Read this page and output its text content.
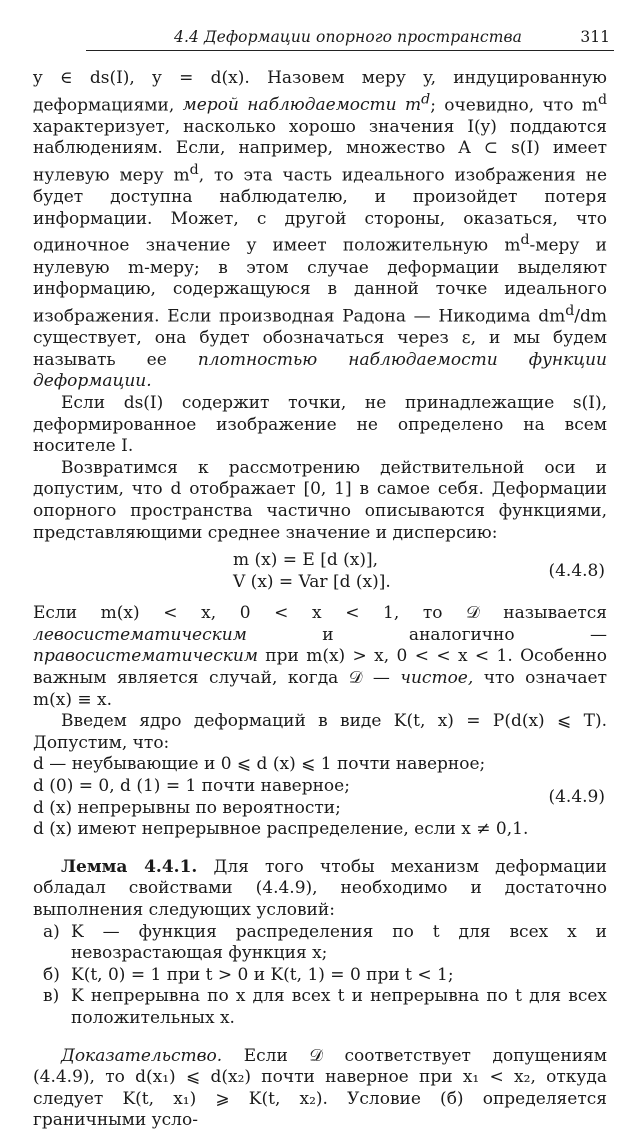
4.4 Деформации опорного пространства	311

y ∈ ds(I), y = d(x). Назовем меру y, индуцированную деформациями, мерой наблюдаемости $m^d$; очевидно, что $m^d$ характеризует, насколько хорошо значения I(y) поддаются наблюдениям. Если, например, множество A ⊂ s(I) имеет нулевую меру $m^d$, то эта часть идеального изображения не будет доступна наблюдателю, и произойдет потеря информации. Может, с другой стороны, оказаться, что одиночное значение y имеет положительную $m^d$-меру и нулевую m-меру; в этом случае деформации выделяют информацию, содержащуюся в данной точке идеального изображения. Если производная Радона — Никодима $dm^d/dm$ существует, она будет обозначаться через ε, и мы будем называть ее плотностью наблюдаемости функции деформации.

Если ds(I) содержит точки, не принадлежащие s(I), деформированное изображение не определено на всем носителе I.

Возвратимся к рассмотрению действительной оси и допустим, что d отображает [0, 1] в самое себя. Деформации опорного пространства частично описываются функциями, представляющими среднее значение и дисперсию:

m (x) = E [d (x)],
V (x) = Var [d (x)].
(4.4.8)

Если m(x) < x, 0 < x < 1, то 𝒟 называется левосистематическим и аналогично — правосистематическим при m(x) > x, 0 < < x < 1. Особенно важным является случай, когда 𝒟 — чистое, что означает m(x) ≡ x.

Введем ядро деформаций в виде K(t, x) = P(d(x) ⩽ T). Допустим, что:

d — неубывающие и 0 ⩽ d (x) ⩽ 1 почти наверное;
d (0) = 0, d (1) = 1 почти наверное;
d (x) непрерывны по вероятности;
d (x) имеют непрерывное распределение, если x ≠ 0,1.
(4.4.9)

Лемма 4.4.1. Для того чтобы механизм деформации обладал свойствами (4.4.9), необходимо и достаточно выполнения следующих условий:

а) K — функция распределения по t для всех x и невозрастающая функция x;
б) K(t, 0) = 1 при t > 0 и K(t, 1) = 0 при t < 1;
в) K непрерывна по x для всех t и непрерывна по t для всех положительных x.

Доказательство. Если 𝒟 соответствует допущениям (4.4.9), то d(x₁) ⩽ d(x₂) почти наверное при x₁ < x₂, откуда следует K(t, x₁) ⩾ K(t, x₂). Условие (б) определяется граничными усло-
